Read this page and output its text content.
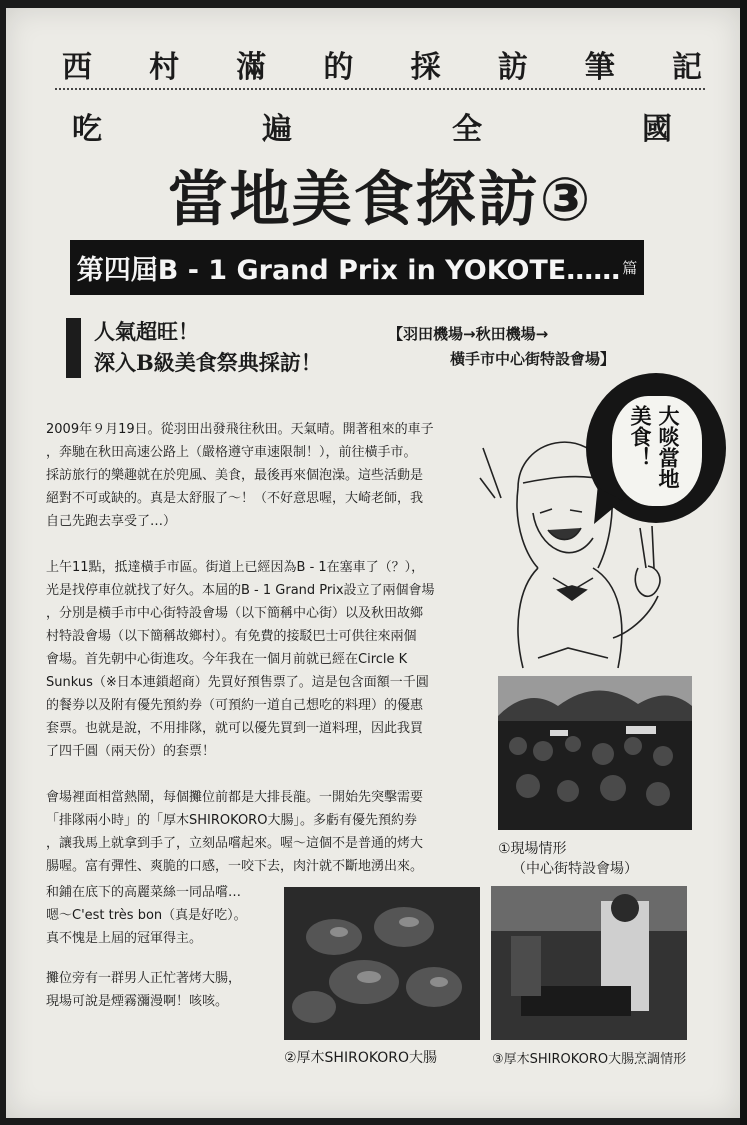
西 村 滿 的 採 訪 筆 記
吃	遍	全	國
當地美食探訪③
第四屆B - 1 Grand Prix in YOKOTE…… 篇
人氣超旺！
深入B級美食祭典採訪！
【羽田機場→秋田機場→
橫手市中心街特設會場】
大啖當地
美食！
2009年９月19日。從羽田出發飛往秋田。天氣晴。開著租來的車子
，奔馳在秋田高速公路上（嚴格遵守車速限制！），前往橫手市。
採訪旅行的樂趣就在於兜風、美食，最後再來個泡澡。這些活動是
絕對不可或缺的。真是太舒服了～！（不好意思喔，大崎老師，我
自己先跑去享受了…）
上午11點，抵達橫手市區。街道上已經因為B - 1在塞車了（？），
光是找停車位就找了好久。本屆的B - 1 Grand Prix設立了兩個會場
，分別是橫手市中心街特設會場（以下簡稱中心街）以及秋田故鄉
村特設會場（以下簡稱故鄉村）。有免費的接駁巴士可供往來兩個
會場。首先朝中心街進攻。今年我在一個月前就已經在Circle K
Sunkus（※日本連鎖超商）先買好預售票了。這是包含面額一千圓
的餐券以及附有優先預約券（可預約一道自己想吃的料理）的優惠
套票。也就是說，不用排隊，就可以優先買到一道料理，因此我買
了四千圓（兩天份）的套票！
會場裡面相當熱鬧，每個攤位前都是大排長龍。一開始先突擊需要
「排隊兩小時」的「厚木SHIROKORO大腸」。多虧有優先預約券
，讓我馬上就拿到手了，立刻品嚐起來。喔～這個不是普通的烤大
腸喔。富有彈性、爽脆的口感，一咬下去，肉汁就不斷地湧出來。
和鋪在底下的高麗菜絲一同品嚐…
嗯～C'est très bon（真是好吃）。
真不愧是上屆的冠軍得主。
攤位旁有一群男人正忙著烤大腸，
現場可說是煙霧瀰漫啊！咳咳。
①現場情形
（中心街特設會場）
②厚木SHIROKORO大腸	③厚木SHIROKORO大腸烹調情形
